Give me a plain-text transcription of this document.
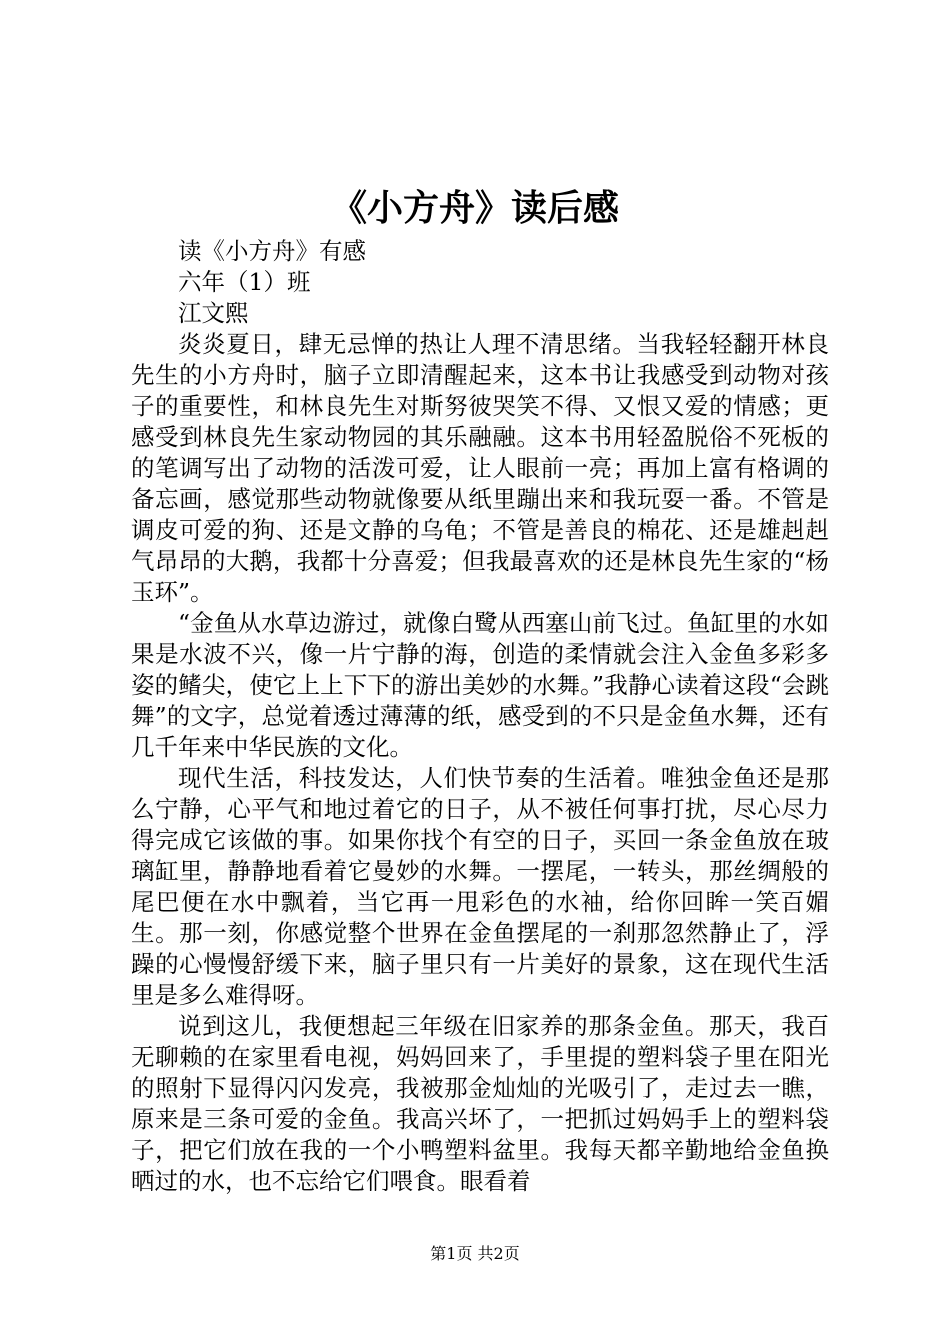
《小方舟》读后感

读《小方舟》有感

六年（1）班

江文熙

炎炎夏日，肆无忌惮的热让人理不清思绪。当我轻轻翻开林良先生的小方舟时，脑子立即清醒起来，这本书让我感受到动物对孩子的重要性，和林良先生对斯努彼哭笑不得、又恨又爱的情感；更感受到林良先生家动物园的其乐融融。这本书用轻盈脱俗不死板的的笔调写出了动物的活泼可爱，让人眼前一亮；再加上富有格调的备忘画，感觉那些动物就像要从纸里蹦出来和我玩耍一番。不管是调皮可爱的狗、还是文静的乌龟；不管是善良的棉花、还是雄赳赳气昂昂的大鹅，我都十分喜爱；但我最喜欢的还是林良先生家的“杨玉环”。

“金鱼从水草边游过，就像白鹭从西塞山前飞过。鱼缸里的水如果是水波不兴，像一片宁静的海，创造的柔情就会注入金鱼多彩多姿的鳍尖，使它上上下下的游出美妙的水舞。”我静心读着这段“会跳舞”的文字，总觉着透过薄薄的纸，感受到的不只是金鱼水舞，还有几千年来中华民族的文化。

现代生活，科技发达，人们快节奏的生活着。唯独金鱼还是那么宁静，心平气和地过着它的日子，从不被任何事打扰，尽心尽力得完成它该做的事。如果你找个有空的日子，买回一条金鱼放在玻璃缸里，静静地看着它曼妙的水舞。一摆尾，一转头，那丝绸般的尾巴便在水中飘着，当它再一甩彩色的水袖，给你回眸一笑百媚生。那一刻，你感觉整个世界在金鱼摆尾的一刹那忽然静止了，浮躁的心慢慢舒缓下来，脑子里只有一片美好的景象，这在现代生活里是多么难得呀。

说到这儿，我便想起三年级在旧家养的那条金鱼。那天，我百无聊赖的在家里看电视，妈妈回来了，手里提的塑料袋子里在阳光的照射下显得闪闪发亮，我被那金灿灿的光吸引了，走过去一瞧，原来是三条可爱的金鱼。我高兴坏了，一把抓过妈妈手上的塑料袋子，把它们放在我的一个小鸭塑料盆里。我每天都辛勤地给金鱼换晒过的水，也不忘给它们喂食。眼看着

第1页 共2页
